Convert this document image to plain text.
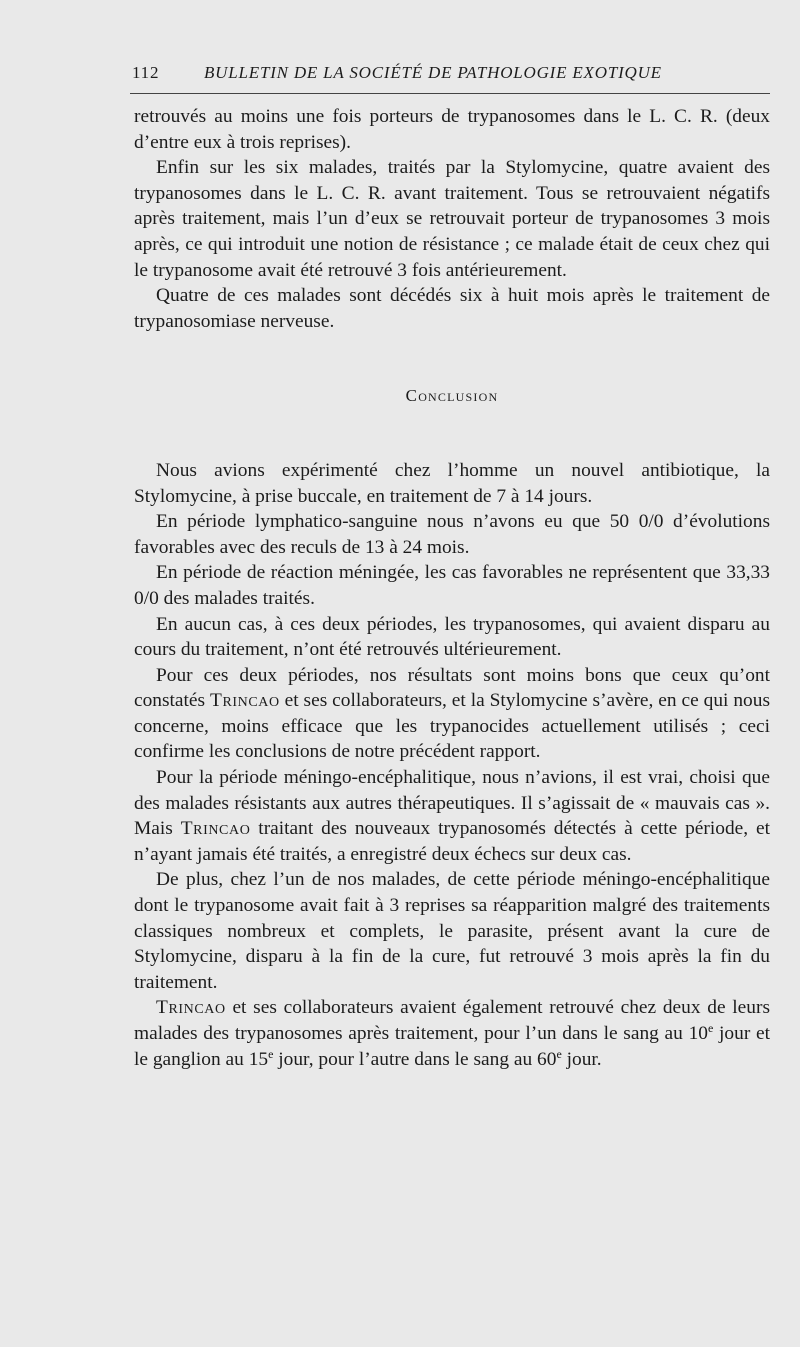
112	BULLETIN DE LA SOCIÉTÉ DE PATHOLOGIE EXOTIQUE

retrouvés au moins une fois porteurs de trypanosomes dans le L. C. R. (deux d’entre eux à trois reprises).

Enfin sur les six malades, traités par la Stylomycine, quatre avaient des trypanosomes dans le L. C. R. avant traitement. Tous se retrouvaient négatifs après traitement, mais l’un d’eux se retrouvait porteur de trypanosomes 3 mois après, ce qui introduit une notion de résistance ; ce malade était de ceux chez qui le trypanosome avait été retrouvé 3 fois antérieurement.

Quatre de ces malades sont décédés six à huit mois après le traitement de trypanosomiase nerveuse.

Conclusion

Nous avions expérimenté chez l’homme un nouvel antibiotique, la Stylomycine, à prise buccale, en traitement de 7 à 14 jours.

En période lymphatico-sanguine nous n’avons eu que 50 0/0 d’évolutions favorables avec des reculs de 13 à 24 mois.

En période de réaction méningée, les cas favorables ne représentent que 33,33 0/0 des malades traités.

En aucun cas, à ces deux périodes, les trypanosomes, qui avaient disparu au cours du traitement, n’ont été retrouvés ultérieurement.

Pour ces deux périodes, nos résultats sont moins bons que ceux qu’ont constatés Trincao et ses collaborateurs, et la Stylomycine s’avère, en ce qui nous concerne, moins efficace que les trypanocides actuellement utilisés ; ceci confirme les conclusions de notre précédent rapport.

Pour la période méningo-encéphalitique, nous n’avions, il est vrai, choisi que des malades résistants aux autres thérapeutiques. Il s’agissait de « mauvais cas ». Mais Trincao traitant des nouveaux trypanosomés détectés à cette période, et n’ayant jamais été traités, a enregistré deux échecs sur deux cas.

De plus, chez l’un de nos malades, de cette période méningo-encéphalitique dont le trypanosome avait fait à 3 reprises sa réapparition malgré des traitements classiques nombreux et complets, le parasite, présent avant la cure de Stylomycine, disparu à la fin de la cure, fut retrouvé 3 mois après la fin du traitement.

Trincao et ses collaborateurs avaient également retrouvé chez deux de leurs malades des trypanosomes après traitement, pour l’un dans le sang au 10e jour et le ganglion au 15e jour, pour l’autre dans le sang au 60e jour.
